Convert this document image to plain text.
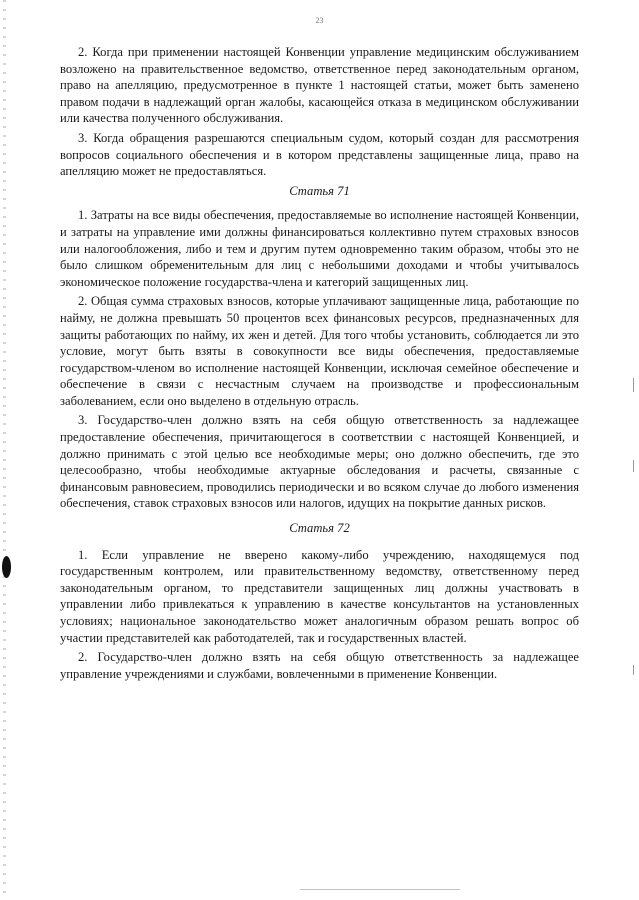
23

2. Когда при применении настоящей Конвенции управление медицинским обслуживанием возложено на правительственное ведомство, ответственное перед законодательным органом, право на апелляцию, предусмотренное в пункте 1 настоящей статьи, может быть заменено правом подачи в надлежащий орган жалобы, касающейся отказа в медицинском обслуживании или качества полученного обслуживания.

3. Когда обращения разрешаются специальным судом, который создан для рассмотрения вопросов социального обеспечения и в котором представлены защищенные лица, право на апелляцию может не предоставляться.

Статья 71

1. Затраты на все виды обеспечения, предоставляемые во исполнение настоящей Конвенции, и затраты на управление ими должны финансироваться коллективно путем страховых взносов или налогообложения, либо и тем и другим путем одновременно таким образом, чтобы это не было слишком обременительным для лиц с небольшими доходами и чтобы учитывалось экономическое положение государства-члена и категорий защищенных лиц.

2. Общая сумма страховых взносов, которые уплачивают защищенные лица, работающие по найму, не должна превышать 50 процентов всех финансовых ресурсов, предназначенных для защиты работающих по найму, их жен и детей. Для того чтобы установить, соблюдается ли это условие, могут быть взяты в совокупности все виды обеспечения, предоставляемые государством-членом во исполнение настоящей Конвенции, исключая семейное обеспечение и обеспечение в связи с несчастным случаем на производстве и профессиональным заболеванием, если оно выделено в отдельную отрасль.

3. Государство-член должно взять на себя общую ответственность за надлежащее предоставление обеспечения, причитающегося в соответствии с настоящей Конвенцией, и должно принимать с этой целью все необходимые меры; оно должно обеспечить, где это целесообразно, чтобы необходимые актуарные обследования и расчеты, связанные с финансовым равновесием, проводились периодически и во всяком случае до любого изменения обеспечения, ставок страховых взносов или налогов, идущих на покрытие данных рисков.

Статья 72

1. Если управление не вверено какому-либо учреждению, находящемуся под государственным контролем, или правительственному ведомству, ответственному перед законодательным органом, то представители защищенных лиц должны участвовать в управлении либо привлекаться к управлению в качестве консультантов на установленных условиях; национальное законодательство может аналогичным образом решать вопрос об участии представителей как работодателей, так и государственных властей.

2. Государство-член должно взять на себя общую ответственность за надлежащее управление учреждениями и службами, вовлеченными в применение Конвенции.
